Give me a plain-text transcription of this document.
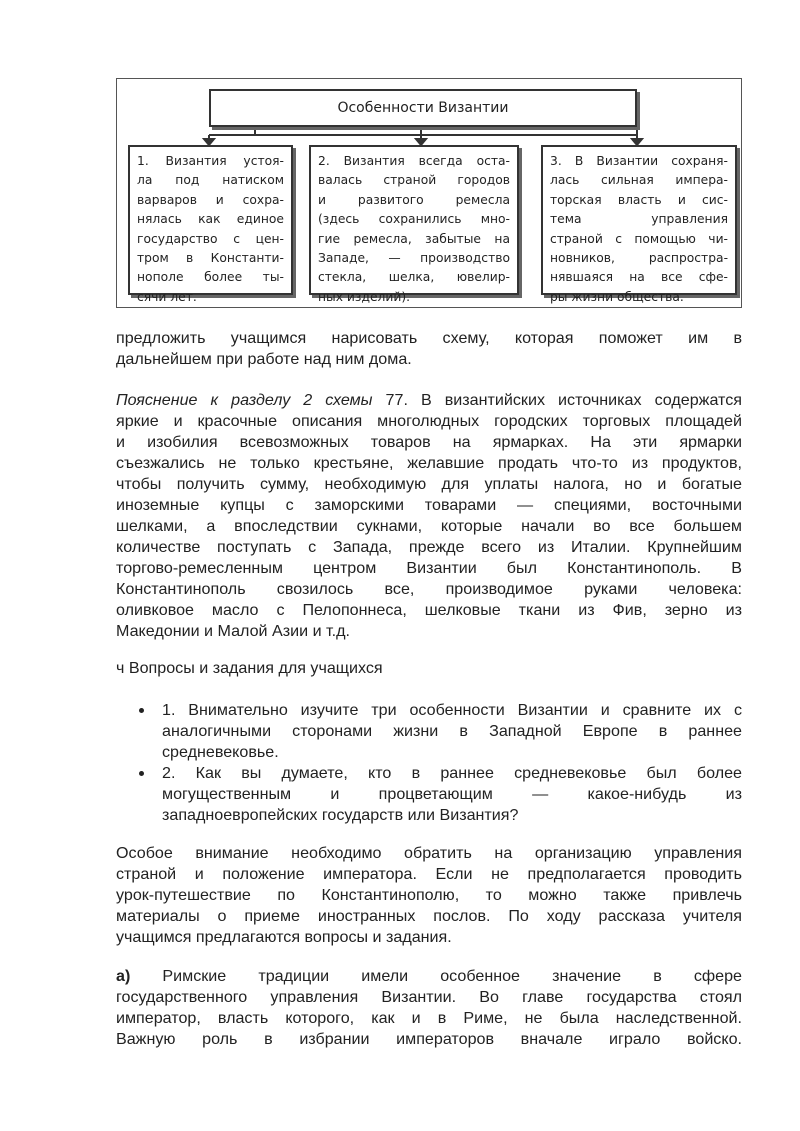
Особенности Византии
1. Византия устоя-
ла под натиском
варваров и сохра-
нялась как единое
государство с цен-
тром в Константи-
нополе более ты-
сячи лет.
2. Византия всегда оста-
валась страной городов
и развитого ремесла
(здесь сохранились мно-
гие ремесла, забытые на
Западе, — производство
стекла, шелка, ювелир-
ных изделий).
3. В Византии сохраня-
лась сильная импера-
торская власть и сис-
тема управления
страной с помощью чи-
новников, распростра-
нявшаяся на все сфе-
ры жизни общества.

предложить учащимся нарисовать схему, которая поможет им в
дальнейшем при работе над ним дома.

Пояснение к разделу 2 схемы 77. В византийских источниках содержатся
яркие и красочные описания многолюдных городских торговых площадей
и изобилия всевозможных товаров на ярмарках. На эти ярмарки
съезжались не только крестьяне, желавшие продать что-то из продуктов,
чтобы получить сумму, необходимую для уплаты налога, но и богатые
иноземные купцы с заморскими товарами — специями, восточными
шелками, а впоследствии сукнами, которые начали во все большем
количестве поступать с Запада, прежде всего из Италии. Крупнейшим
торгово-ремесленным центром Византии был Константинополь. В
Константинополь свозилось все, производимое руками человека:
оливковое масло с Пелопоннеса, шелковые ткани из Фив, зерно из
Македонии и Малой Азии и т.д.

ч Вопросы и задания для учащихся

1. Внимательно изучите три особенности Византии и сравните их с
аналогичными сторонами жизни в Западной Европе в раннее
средневековье.
2. Как вы думаете, кто в раннее средневековье был более
могущественным и процветающим — какое-нибудь из
западноевропейских государств или Византия?

Особое внимание необходимо обратить на организацию управления
страной и положение императора. Если не предполагается проводить
урок-путешествие по Константинополю, то можно также привлечь
материалы о приеме иностранных послов. По ходу рассказа учителя
учащимся предлагаются вопросы и задания.

а) Римские традиции имели особенное значение в сфере
государственного управления Византии. Во главе государства стоял
император, власть которого, как и в Риме, не была наследственной.
Важную роль в избрании императоров вначале играло войско.
